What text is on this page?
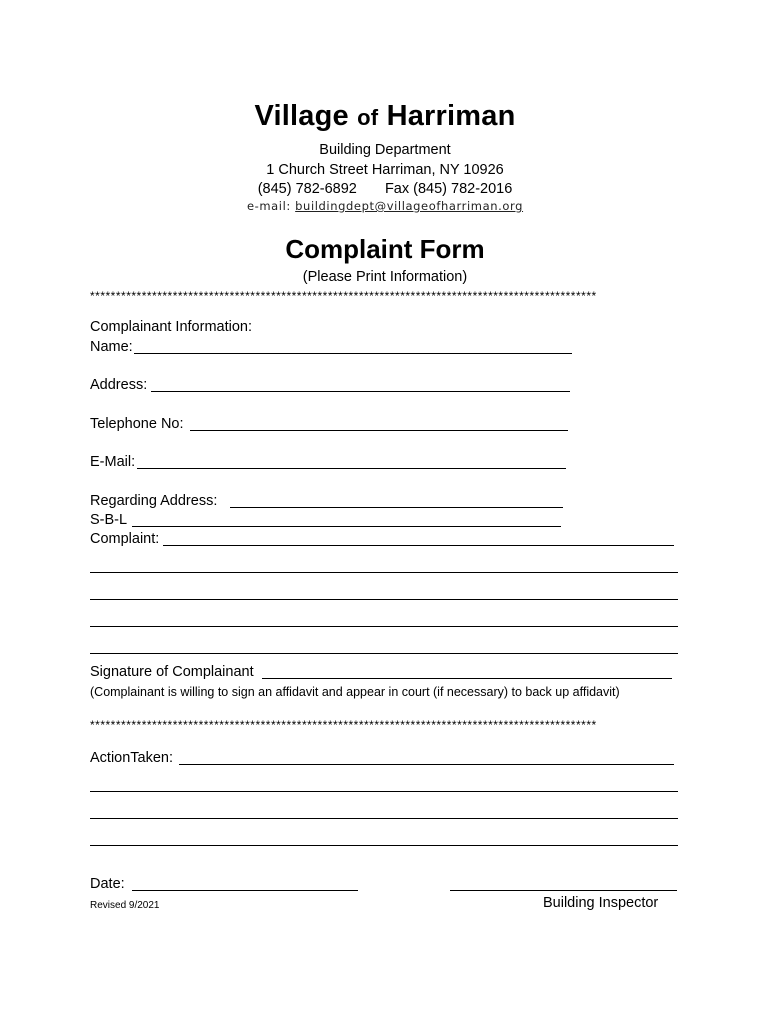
Village of Harriman
Building Department
1 Church Street Harriman, NY 10926
(845) 782-6892 Fax (845) 782-2016
e-mail: buildingdept@villageofharriman.org
Complaint Form
(Please Print Information)
**************************************************************************************************
Complainant Information:
Name:
Address:
Telephone No:
E-Mail:
Regarding Address:
S-B-L
Complaint:
Signature of Complainant
(Complainant is willing to sign an affidavit and appear in court (if necessary) to back up affidavit)
**************************************************************************************************
ActionTaken:
Date:
Building Inspector
Revised 9/2021
